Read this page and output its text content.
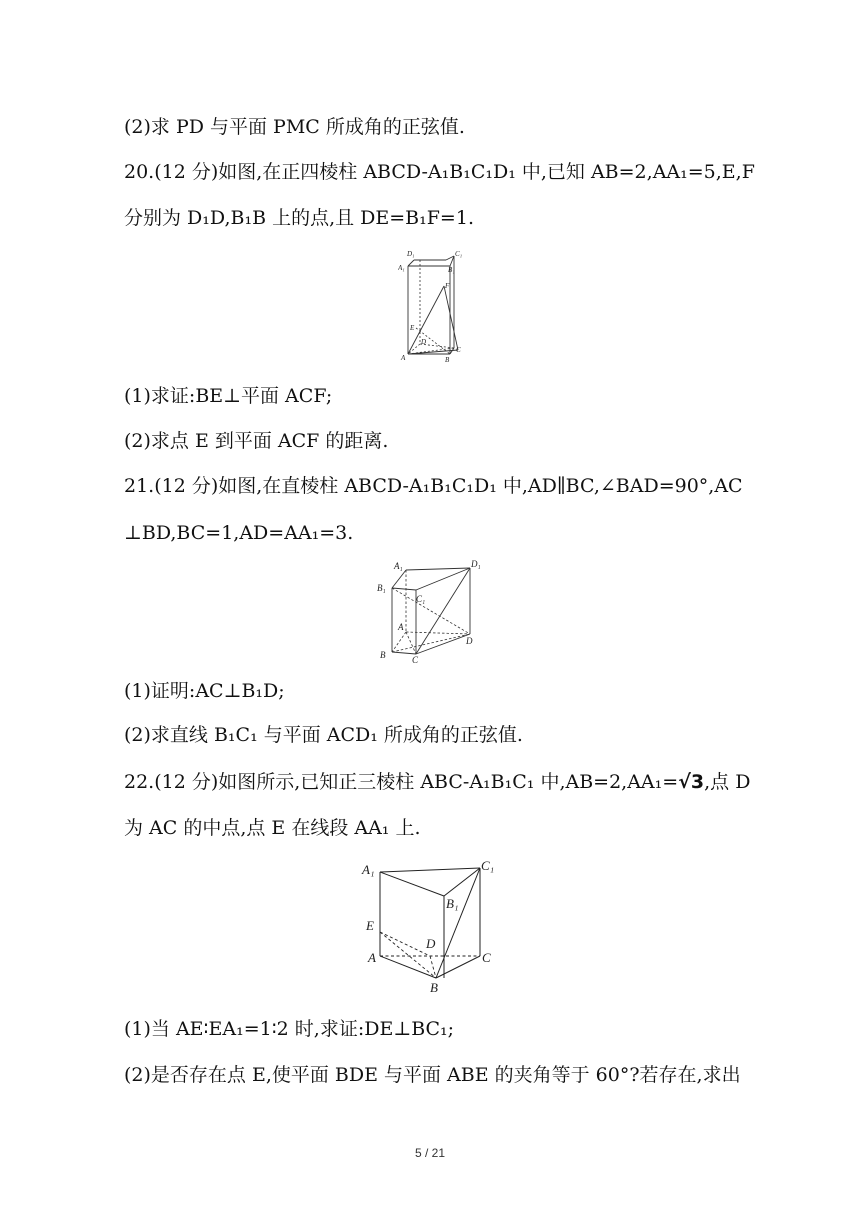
(2)求 PD 与平面 PMC 所成角的正弦值.
20.(12 分)如图,在正四棱柱 ABCD-A₁B₁C₁D₁ 中,已知 AB=2,AA₁=5,E,F
分别为 D₁D,B₁B 上的点,且 DE=B₁F=1.
D₁	C₁
A₁	B₁
F
E
D
A	B
C
(1)求证:BE⊥平面 ACF;
(2)求点 E 到平面 ACF 的距离.
21.(12 分)如图,在直棱柱 ABCD-A₁B₁C₁D₁ 中,AD∥BC,∠BAD=90°,AC
⊥BD,BC=1,AD=AA₁=3.
A₁	D₁
B₁
C₁
A
D
B	C
(1)证明:AC⊥B₁D;
(2)求直线 B₁C₁ 与平面 ACD₁ 所成角的正弦值.
22.(12 分)如图所示,已知正三棱柱 ABC-A₁B₁C₁ 中,AB=2,AA₁=√3,点 D
为 AC 的中点,点 E 在线段 AA₁ 上.
A₁	C₁
B₁
E
D
A	C
B
(1)当 AE∶EA₁=1∶2 时,求证:DE⊥BC₁;
(2)是否存在点 E,使平面 BDE 与平面 ABE 的夹角等于 60°?若存在,求出
5 / 21
